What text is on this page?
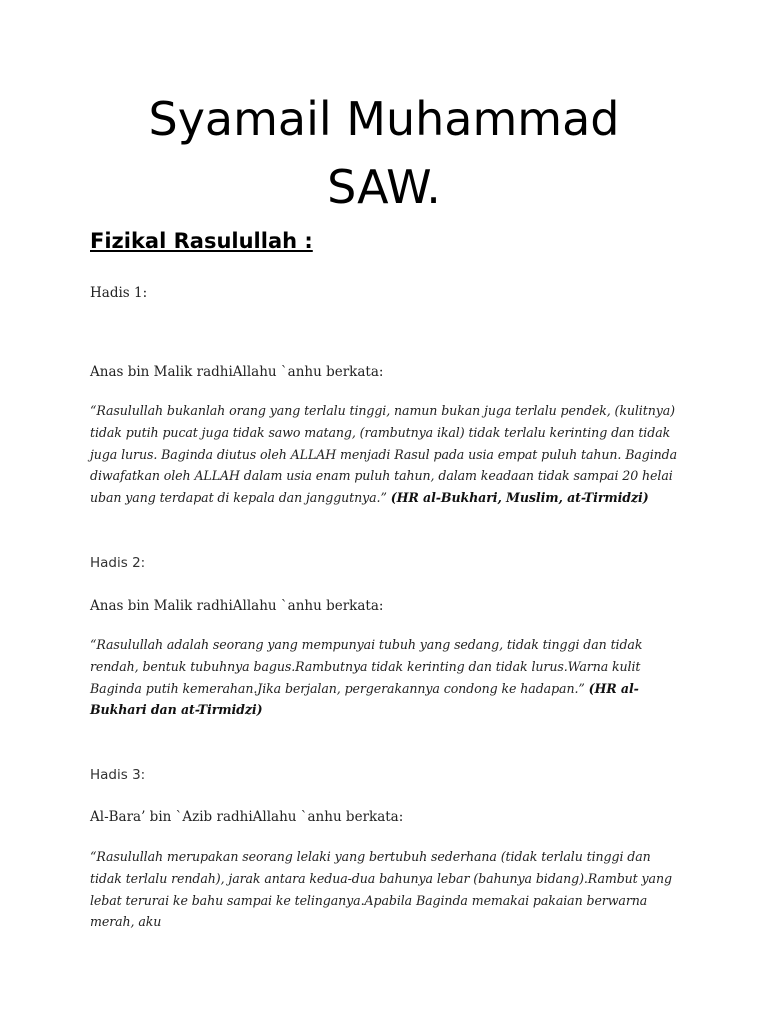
Syamail Muhammad
SAW.
Fizikal Rasulullah :

Hadis 1:

Anas bin Malik radhiAllahu `anhu berkata:

“Rasulullah bukanlah orang yang terlalu tinggi, namun bukan juga terlalu pendek, (kulitnya) tidak putih pucat juga tidak sawo matang, (rambutnya ikal) tidak terlalu kerinting dan tidak juga lurus. Baginda diutus oleh ALLAH menjadi Rasul pada usia empat puluh tahun. Baginda diwafatkan oleh ALLAH dalam usia enam puluh tahun, dalam keadaan tidak sampai 20 helai uban yang terdapat di kepala dan janggutnya.” (HR al-Bukhari, Muslim, at-Tirmidzi)

Hadis 2:

Anas bin Malik radhiAllahu `anhu berkata:

“Rasulullah adalah seorang yang mempunyai tubuh yang sedang, tidak tinggi dan tidak rendah, bentuk tubuhnya bagus.Rambutnya tidak kerinting dan tidak lurus.Warna kulit Baginda putih kemerahan.Jika berjalan, pergerakannya condong ke hadapan.” (HR al-Bukhari dan at-Tirmidzi)

Hadis 3:

Al-Bara’ bin `Azib radhiAllahu `anhu berkata:

“Rasulullah merupakan seorang lelaki yang bertubuh sederhana (tidak terlalu tinggi dan tidak terlalu rendah), jarak antara kedua-dua bahunya lebar (bahunya bidang).Rambut yang lebat terurai ke bahu sampai ke telinganya.Apabila Baginda memakai pakaian berwarna merah, aku
